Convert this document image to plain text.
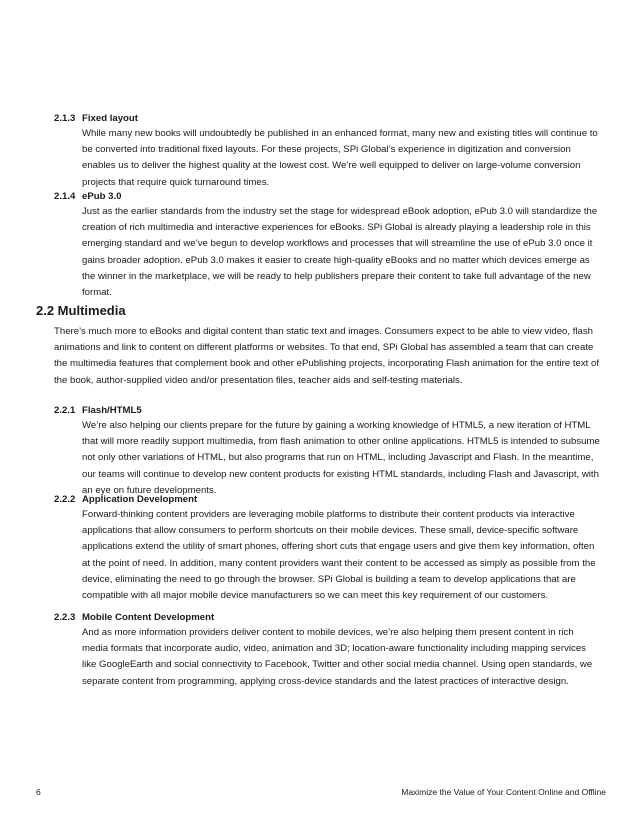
2.1.3 Fixed layout
While many new books will undoubtedly be published in an enhanced format, many new and existing titles will continue to be converted into traditional fixed layouts. For these projects, SPi Global’s experience in digitization and conversion enables us to deliver the highest quality at the lowest cost. We’re well equipped to deliver on large-volume conversion projects that require quick turnaround times.
2.1.4 ePub 3.0
Just as the earlier standards from the industry set the stage for widespread eBook adoption, ePub 3.0 will standardize the creation of rich multimedia and interactive experiences for eBooks. SPi Global is already playing a leadership role in this emerging standard and we’ve begun to develop workflows and processes that will streamline the use of ePub 3.0 once it gains broader adoption. ePub 3.0 makes it easier to create high-quality eBooks and no matter which devices emerge as the winner in the marketplace, we will be ready to help publishers prepare their content to take full advantage of the new format.
2.2 Multimedia
There’s much more to eBooks and digital content than static text and images. Consumers expect to be able to view video, flash animations and link to content on different platforms or websites. To that end, SPi Global has assembled a team that can create the multimedia features that complement book and other ePublishing projects, incorporating Flash animation for the entire text of the book, author-supplied video and/or presentation files, teacher aids and self-testing materials.
2.2.1 Flash/HTML5
We’re also helping our clients prepare for the future by gaining a working knowledge of HTML5, a new iteration of HTML that will more readily support multimedia, from flash animation to other online applications. HTML5 is intended to subsume not only other variations of HTML, but also programs that run on HTML, including Javascript and Flash. In the meantime, our teams will continue to develop new content products for existing HTML standards, including Flash and Javascript, with an eye on future developments.
2.2.2 Application Development
Forward-thinking content providers are leveraging mobile platforms to distribute their content products via interactive applications that allow consumers to perform shortcuts on their mobile devices. These small, device-specific software applications extend the utility of smart phones, offering short cuts that engage users and give them key information, often at the point of need. In addition, many content providers want their content to be accessed as simply as possible from the device, eliminating the need to go through the browser. SPi Global is building a team to develop applications that are compatible with all major mobile device manufacturers so we can meet this key requirement of our customers.
2.2.3 Mobile Content Development
And as more information providers deliver content to mobile devices, we’re also helping them present content in rich media formats that incorporate audio, video, animation and 3D; location-aware functionality including mapping services like GoogleEarth and social connectivity to Facebook, Twitter and other social media channel. Using open standards, we separate content from programming, applying cross-device standards and the latest practices of interactive design.
6	Maximize the Value of Your Content Online and Offline
